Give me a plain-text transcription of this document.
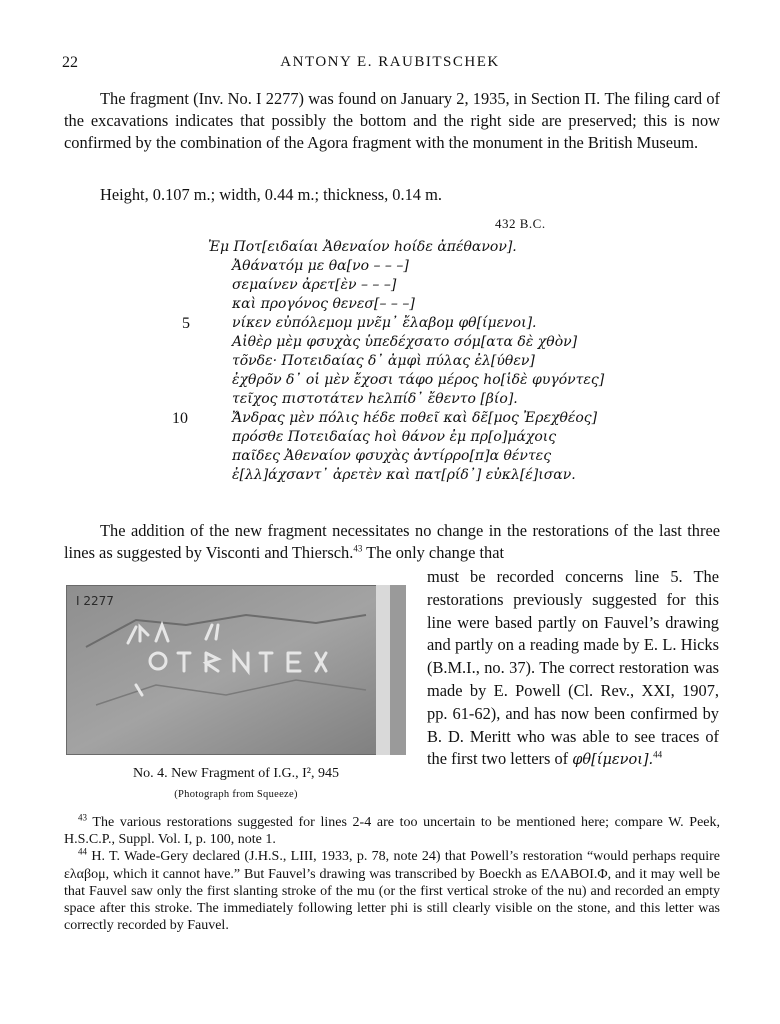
22	ANTONY E. RAUBITSCHEK

The fragment (Inv. No. I 2277) was found on January 2, 1935, in Section Π. The filing card of the excavations indicates that possibly the bottom and the right side are preserved; this is now confirmed by the combination of the Agora fragment with the monument in the British Museum.

Height, 0.107 m.; width, 0.44 m.; thickness, 0.14 m.

432 B.C.
Ἐμ Ποτ[ειδαίαι Ἀθεναίον hοίδε ἀπέθανον].
Ἀθάνατόμ με θα[νο – – –]
σεμαίνεν ἀρετ[ὲν – – –]
καὶ προγόνος θενεσ[– – –]
5	νίκεν εὐπόλεμομ μνε̃μ᾽ ἔλαβομ φθ[ίμενοι].
Αἰθὲρ μὲμ φσυχὰς ὑπεδέχσατο σόμ[ατα δὲ χθὸν]
το̃νδε· Ποτειδαίας δ᾽ ἀμφὶ πύλας ἐλ[ύθεν]
ἐχθρο̃ν δ᾽ οἱ μὲν ἔχοσι τάφο μέρος hο[ἱδὲ φυγόντες]
τεῖχος πιστοτάτεν hελπίδ᾽ ἔθεντο [βίο].
10	Ἄνδρας μὲν πόλις hέδε ποθεῖ καὶ δε̃[μος Ἐρεχθέος]
πρόσθε Ποτειδαίας hοὶ θάνον ἐμ πρ[ο]μάχοις
παῖδες Ἀθεναίον φσυχὰς ἀντίρρο[π]α θέντες
ἐ[λλ]άχσαντ᾽ ἀρετὲν καὶ πατ[ρίδ᾽] εὐκλ[έ]ισαν.

The addition of the new fragment necessitates no change in the restorations of the last three lines as suggested by Visconti and Thiersch.$^{43}$ The only change that

I 2277
No. 4. New Fragment of I.G., I², 945
(Photograph from Squeeze)

must be recorded concerns line 5. The restorations previously suggested for this line were based partly on Fauvel’s drawing and partly on a reading made by E. L. Hicks (B.M.I., no. 37). The correct restoration was made by E. Powell (Cl. Rev., XXI, 1907, pp. 61-62), and has now been confirmed by B. D. Meritt who was able to see traces of the first two letters of φθ[ίμενοι].$^{44}$

$^{43}$ The various restorations suggested for lines 2-4 are too uncertain to be mentioned here; compare W. Peek, H.S.C.P., Suppl. Vol. I, p. 100, note 1.

$^{44}$ H. T. Wade-Gery declared (J.H.S., LIII, 1933, p. 78, note 24) that Powell’s restoration “would perhaps require ελαβομ, which it cannot have.” But Fauvel’s drawing was transcribed by Boeckh as EΛABOI.Φ, and it may well be that Fauvel saw only the first slanting stroke of the mu (or the first vertical stroke of the nu) and recorded an empty space after this stroke. The immediately following letter phi is still clearly visible on the stone, and this letter was correctly recorded by Fauvel.
